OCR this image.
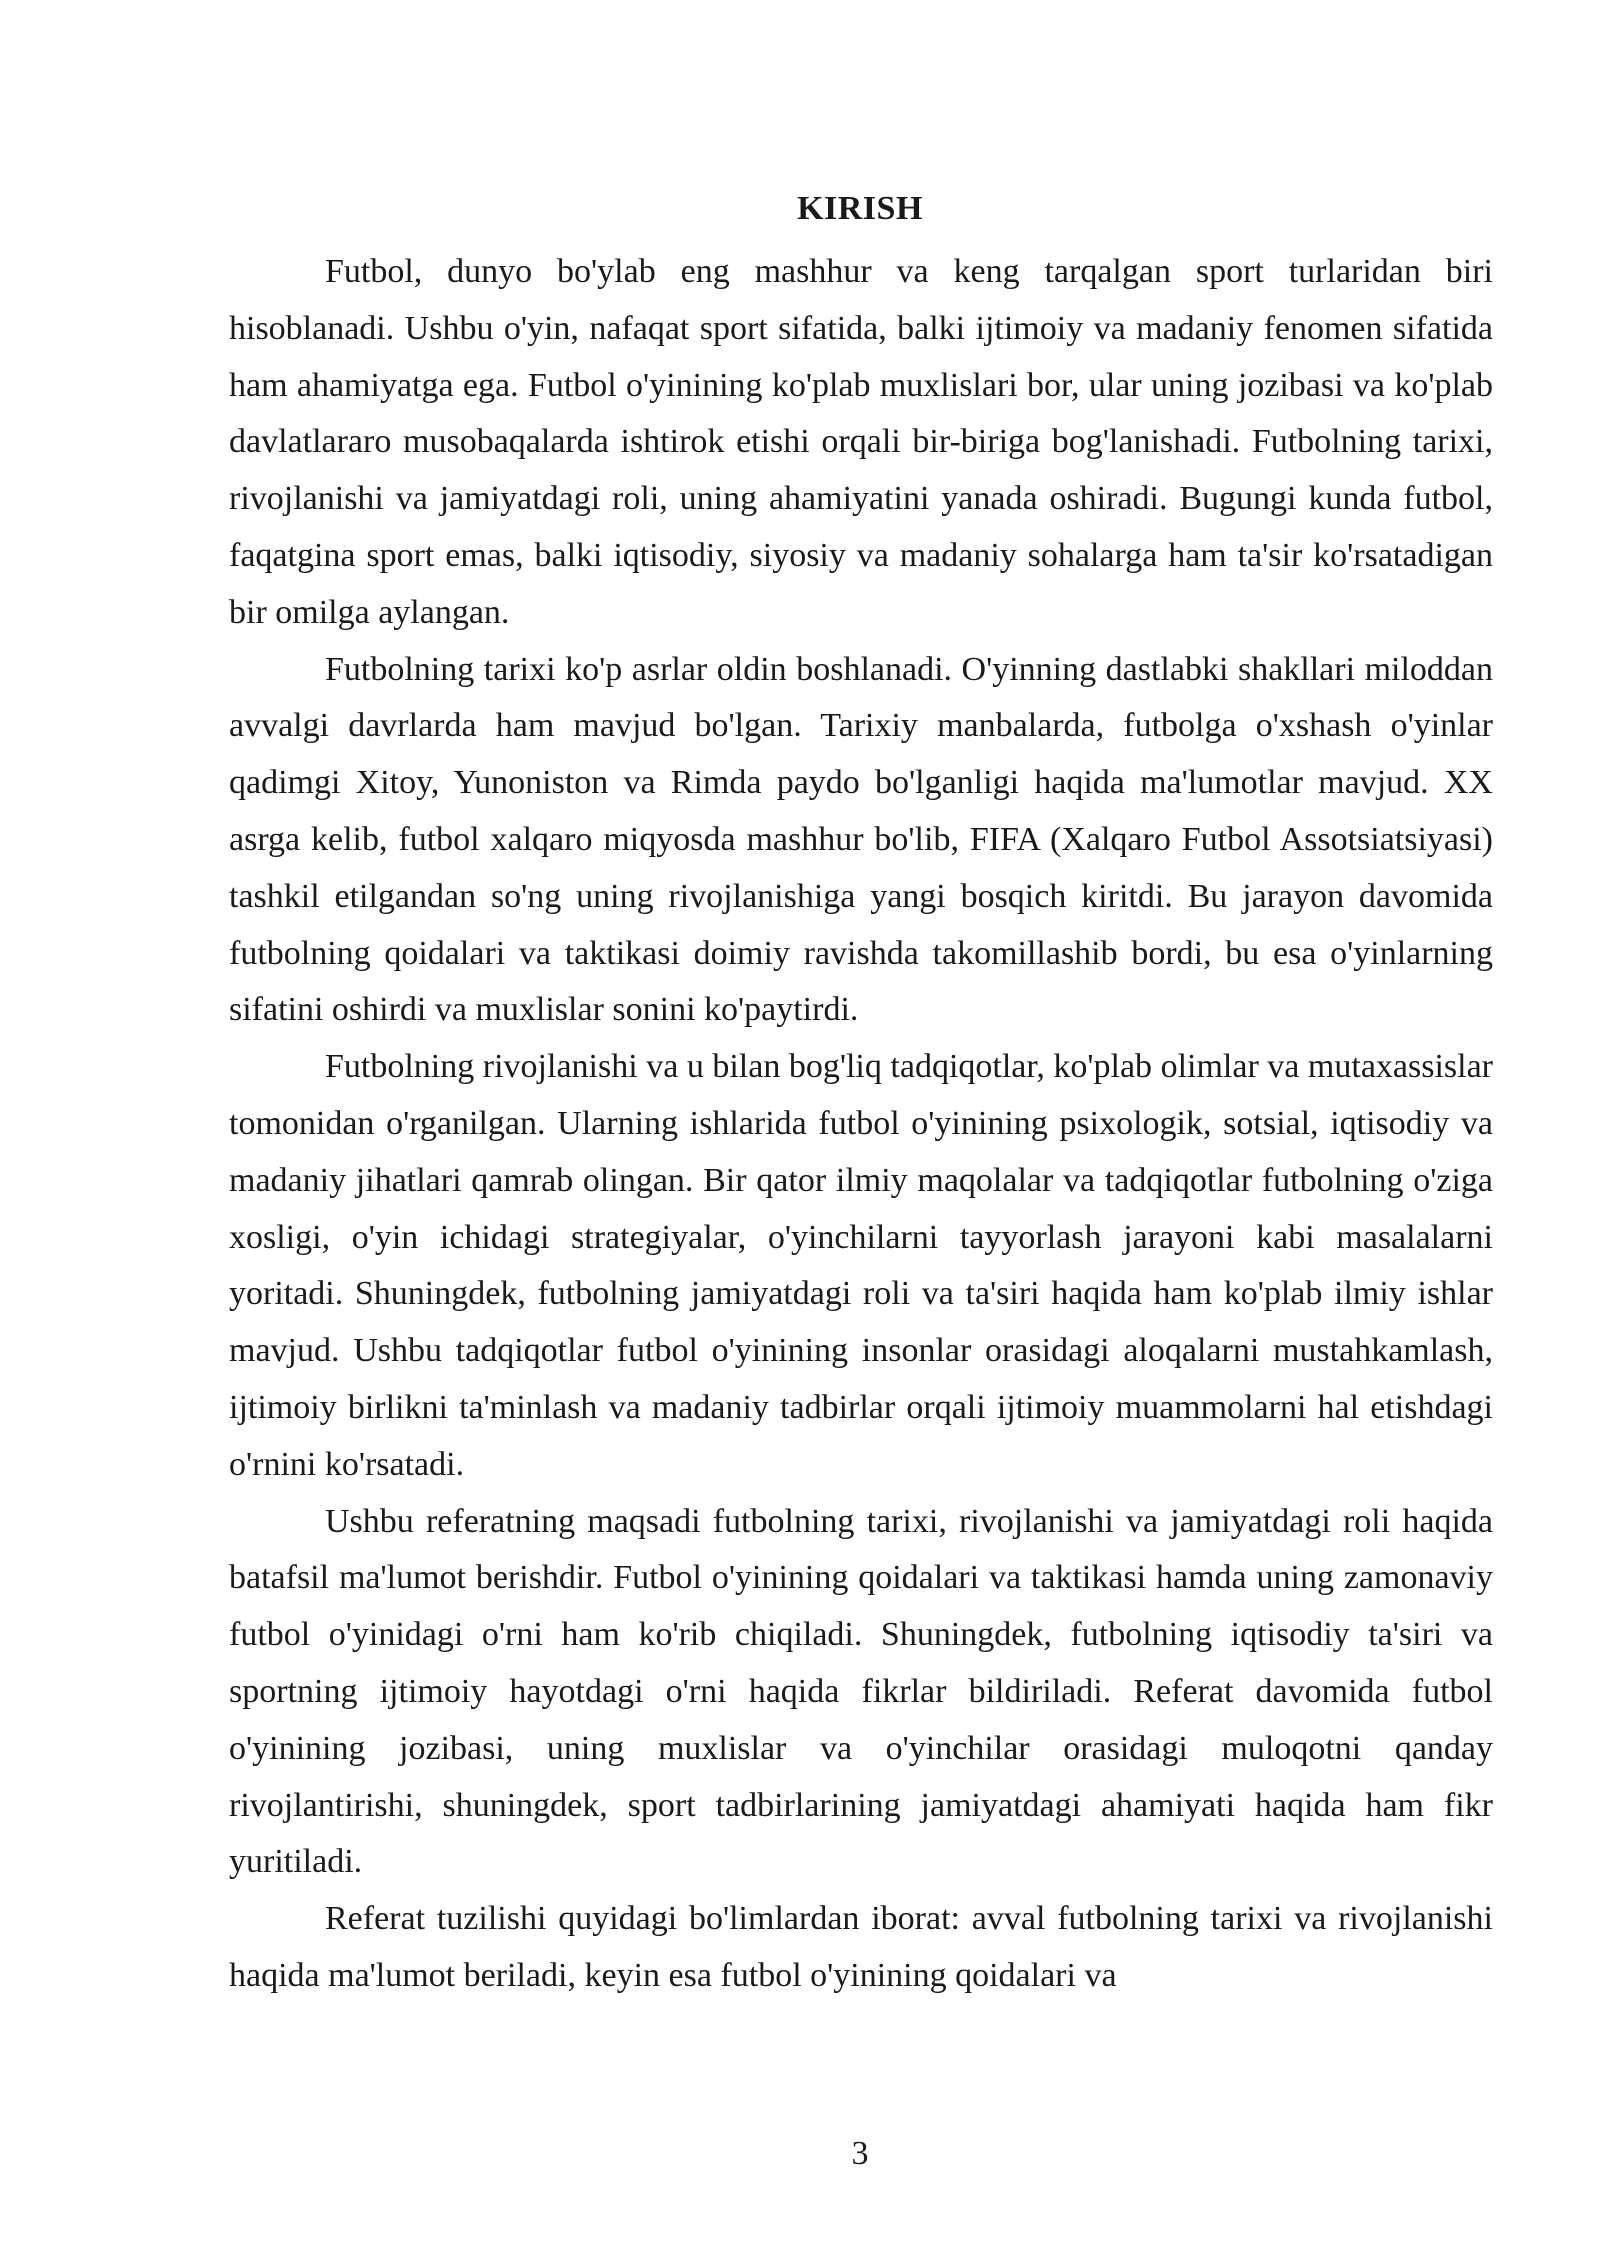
KIRISH

Futbol, dunyo bo'ylab eng mashhur va keng tarqalgan sport turlaridan biri hisoblanadi. Ushbu o'yin, nafaqat sport sifatida, balki ijtimoiy va madaniy fenomen sifatida ham ahamiyatga ega. Futbol o'yinining ko'plab muxlislari bor, ular uning jozibasi va ko'plab davlatlararo musobaqalarda ishtirok etishi orqali bir-biriga bog'lanishadi. Futbolning tarixi, rivojlanishi va jamiyatdagi roli, uning ahamiyatini yanada oshiradi. Bugungi kunda futbol, faqatgina sport emas, balki iqtisodiy, siyosiy va madaniy sohalarga ham ta'sir ko'rsatadigan bir omilga aylangan.

Futbolning tarixi ko'p asrlar oldin boshlanadi. O'yinning dastlabki shakllari miloddan avvalgi davrlarda ham mavjud bo'lgan. Tarixiy manbalarda, futbolga o'xshash o'yinlar qadimgi Xitoy, Yunoniston va Rimda paydo bo'lganligi haqida ma'lumotlar mavjud. XX asrga kelib, futbol xalqaro miqyosda mashhur bo'lib, FIFA (Xalqaro Futbol Assotsiatsiyasi) tashkil etilgandan so'ng uning rivojlanishiga yangi bosqich kiritdi. Bu jarayon davomida futbolning qoidalari va taktikasi doimiy ravishda takomillashib bordi, bu esa o'yinlarning sifatini oshirdi va muxlislar sonini ko'paytirdi.

Futbolning rivojlanishi va u bilan bog'liq tadqiqotlar, ko'plab olimlar va mutaxassislar tomonidan o'rganilgan. Ularning ishlarida futbol o'yinining psixologik, sotsial, iqtisodiy va madaniy jihatlari qamrab olingan. Bir qator ilmiy maqolalar va tadqiqotlar futbolning o'ziga xosligi, o'yin ichidagi strategiyalar, o'yinchilarni tayyorlash jarayoni kabi masalalarni yoritadi. Shuningdek, futbolning jamiyatdagi roli va ta'siri haqida ham ko'plab ilmiy ishlar mavjud. Ushbu tadqiqotlar futbol o'yinining insonlar orasidagi aloqalarni mustahkamlash, ijtimoiy birlikni ta'minlash va madaniy tadbirlar orqali ijtimoiy muammolarni hal etishdagi o'rnini ko'rsatadi.

Ushbu referatning maqsadi futbolning tarixi, rivojlanishi va jamiyatdagi roli haqida batafsil ma'lumot berishdir. Futbol o'yinining qoidalari va taktikasi hamda uning zamonaviy futbol o'yinidagi o'rni ham ko'rib chiqiladi. Shuningdek, futbolning iqtisodiy ta'siri va sportning ijtimoiy hayotdagi o'rni haqida fikrlar bildiriladi. Referat davomida futbol o'yinining jozibasi, uning muxlislar va o'yinchilar orasidagi muloqotni qanday rivojlantirishi, shuningdek, sport tadbirlarining jamiyatdagi ahamiyati haqida ham fikr yuritiladi.

Referat tuzilishi quyidagi bo'limlardan iborat: avval futbolning tarixi va rivojlanishi haqida ma'lumot beriladi, keyin esa futbol o'yinining qoidalari va

3
